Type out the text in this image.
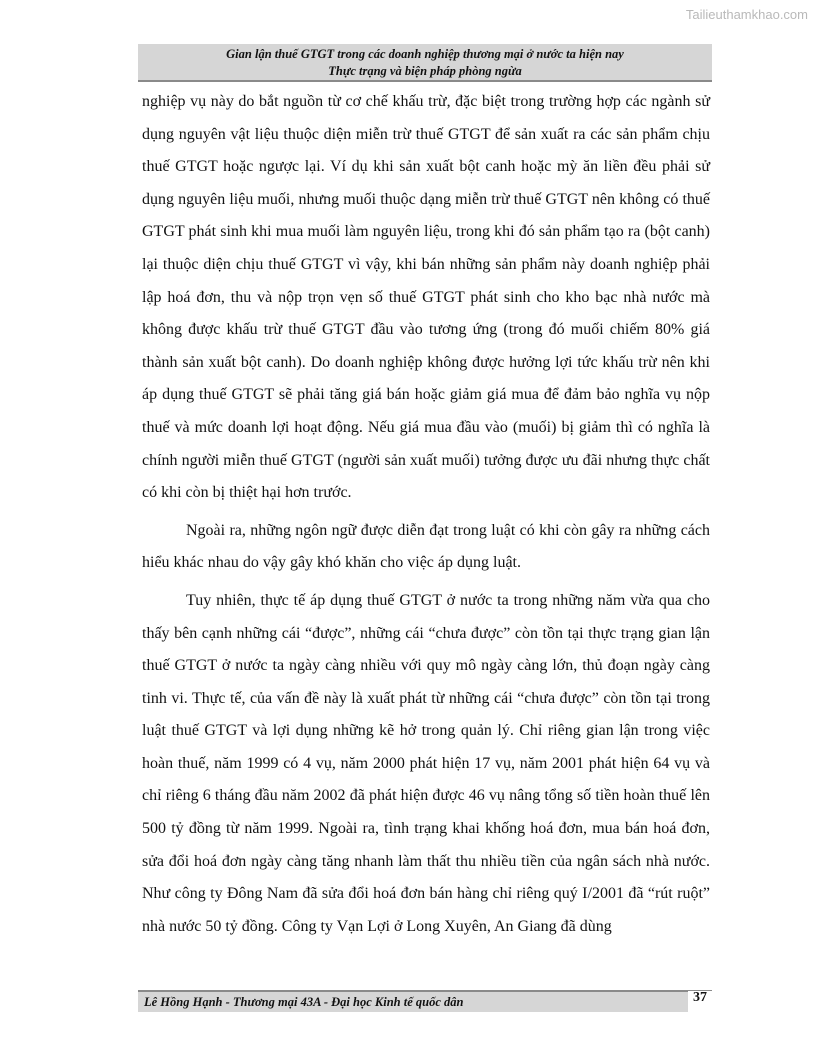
Tailieuthamkhao.com
Gian lận thuế GTGT trong các doanh nghiệp thương mại ở nước ta hiện nay
Thực trạng và biện pháp phòng ngừa

nghiệp vụ này do bắt nguồn từ cơ chế khấu trừ, đặc biệt trong trường hợp các ngành sử dụng nguyên vật liệu thuộc diện miễn trừ thuế GTGT để sản xuất ra các sản phẩm chịu thuế GTGT hoặc ngược lại. Ví dụ khi sản xuất bột canh hoặc mỳ ăn liền đều phải sử dụng nguyên liệu muối, nhưng muối thuộc dạng miễn trừ thuế GTGT nên không có thuế GTGT phát sinh khi mua muối làm nguyên liệu, trong khi đó sản phẩm tạo ra (bột canh) lại thuộc diện chịu thuế GTGT vì vậy, khi bán những sản phẩm này doanh nghiệp phải lập hoá đơn, thu và nộp trọn vẹn số thuế GTGT phát sinh cho kho bạc nhà nước mà không được khấu trừ thuế GTGT đầu vào tương ứng (trong đó muối chiếm 80% giá thành sản xuất bột canh). Do doanh nghiệp không được hưởng lợi tức khấu trừ nên khi áp dụng thuế GTGT sẽ phải tăng giá bán hoặc giảm giá mua để đảm bảo nghĩa vụ nộp thuế và mức doanh lợi hoạt động. Nếu giá mua đầu vào (muối) bị giảm thì có nghĩa là chính người miễn thuế GTGT (người sản xuất muối) tưởng được ưu đãi nhưng thực chất có khi còn bị thiệt hại hơn trước.

Ngoài ra, những ngôn ngữ được diễn đạt trong luật có khi còn gây ra những cách hiểu khác nhau do vậy gây khó khăn cho việc áp dụng luật.

Tuy nhiên, thực tế áp dụng thuế GTGT ở nước ta trong những năm vừa qua cho thấy bên cạnh những cái “được”, những cái “chưa được” còn tồn tại thực trạng gian lận thuế GTGT ở nước ta ngày càng nhiều với quy mô ngày càng lớn, thủ đoạn ngày càng tinh vi. Thực tế, của vấn đề này là xuất phát từ những cái “chưa được” còn tồn tại trong luật thuế GTGT và lợi dụng những kẽ hở trong quản lý. Chỉ riêng gian lận trong việc hoàn thuế, năm 1999 có 4 vụ, năm 2000 phát hiện 17 vụ, năm 2001 phát hiện 64 vụ và chỉ riêng 6 tháng đầu năm 2002 đã phát hiện được 46 vụ nâng tổng số tiền hoàn thuế lên 500 tỷ đồng từ năm 1999. Ngoài ra, tình trạng khai khống hoá đơn, mua bán hoá đơn, sửa đổi hoá đơn ngày càng tăng nhanh làm thất thu nhiều tiền của ngân sách nhà nước. Như công ty Đông Nam đã sửa đổi hoá đơn bán hàng chỉ riêng quý I/2001 đã “rút ruột” nhà nước 50 tỷ đồng. Công ty Vạn Lợi ở Long Xuyên, An Giang đã dùng

Lê Hồng Hạnh - Thương mại 43A - Đại học Kinh tế quốc dân	37
